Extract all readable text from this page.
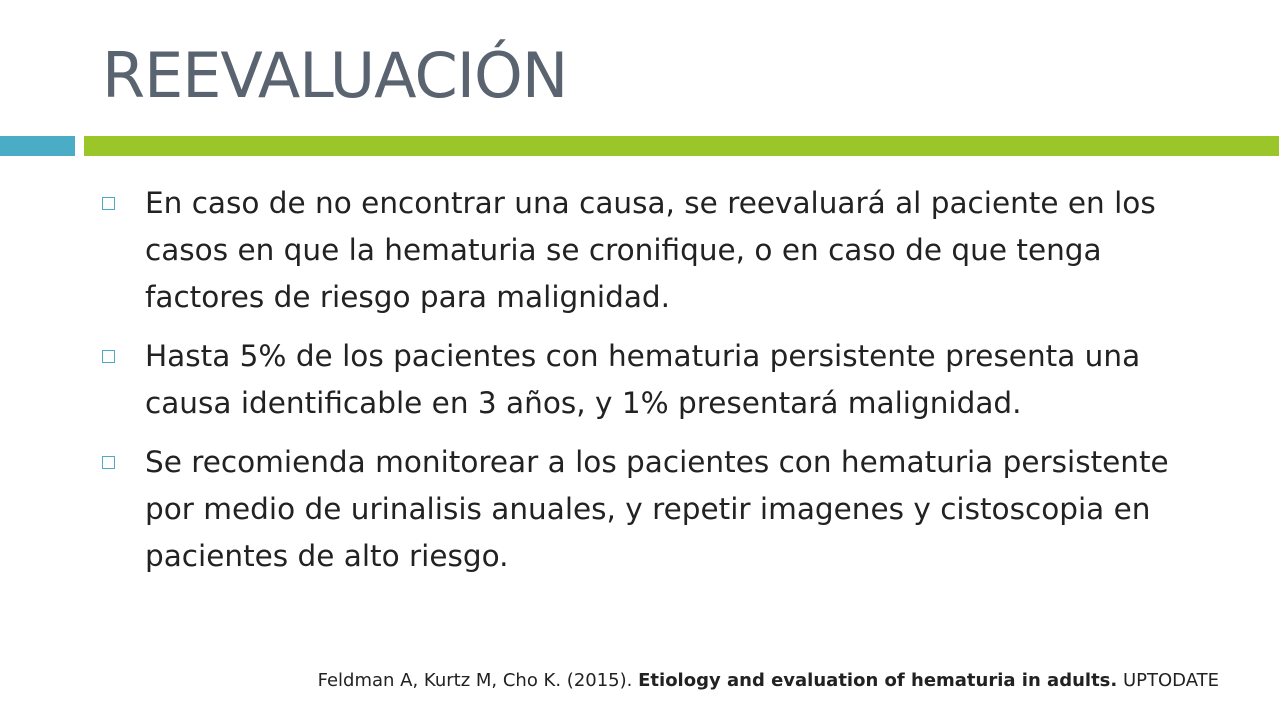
REEVALUACIÓN
En caso de no encontrar una causa, se reevaluará al paciente en los casos en que la hematuria se cronifique, o en caso de que tenga factores de riesgo para malignidad.
Hasta 5% de los pacientes con hematuria persistente presenta una causa identificable en 3 años, y 1% presentará malignidad.
Se recomienda monitorear a los pacientes con hematuria persistente por medio de urinalisis anuales, y repetir imagenes y cistoscopia en pacientes de alto riesgo.
Feldman A, Kurtz M, Cho K. (2015). Etiology and evaluation of hematuria in adults. UPTODATE
